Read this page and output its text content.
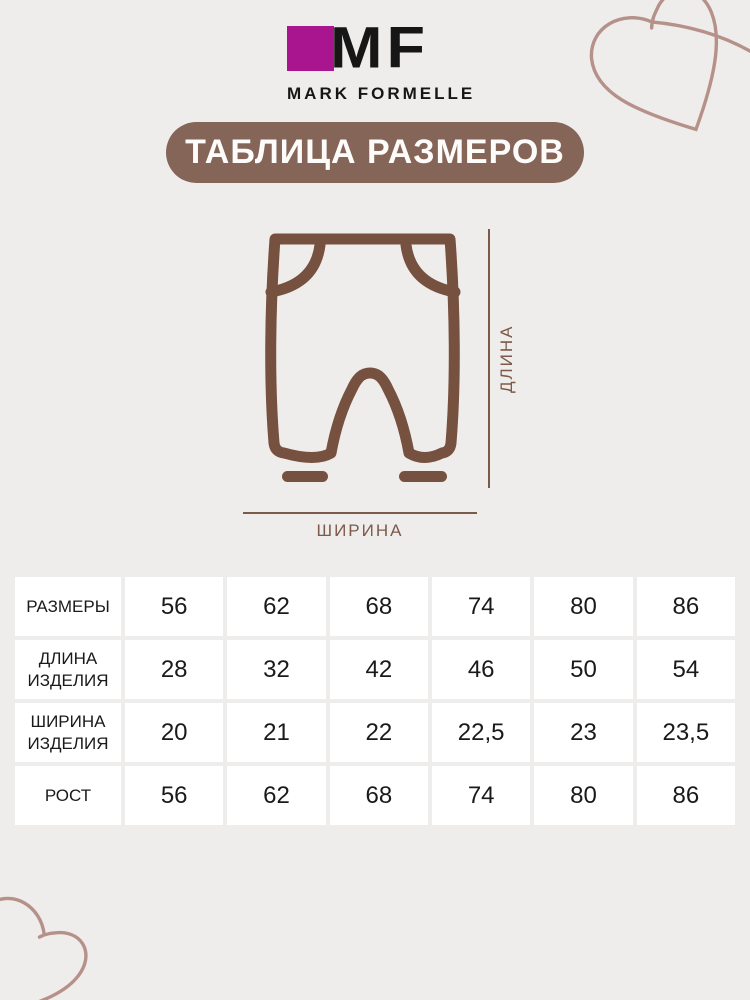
MF
MARK FORMELLE
ТАБЛИЦА РАЗМЕРОВ
ДЛИНА
ШИРИНА
РАЗМЕРЫ	56	62	68	74	80	86
ДЛИНА ИЗДЕЛИЯ	28	32	42	46	50	54
ШИРИНА ИЗДЕЛИЯ	20	21	22	22,5	23	23,5
РОСТ	56	62	68	74	80	86
